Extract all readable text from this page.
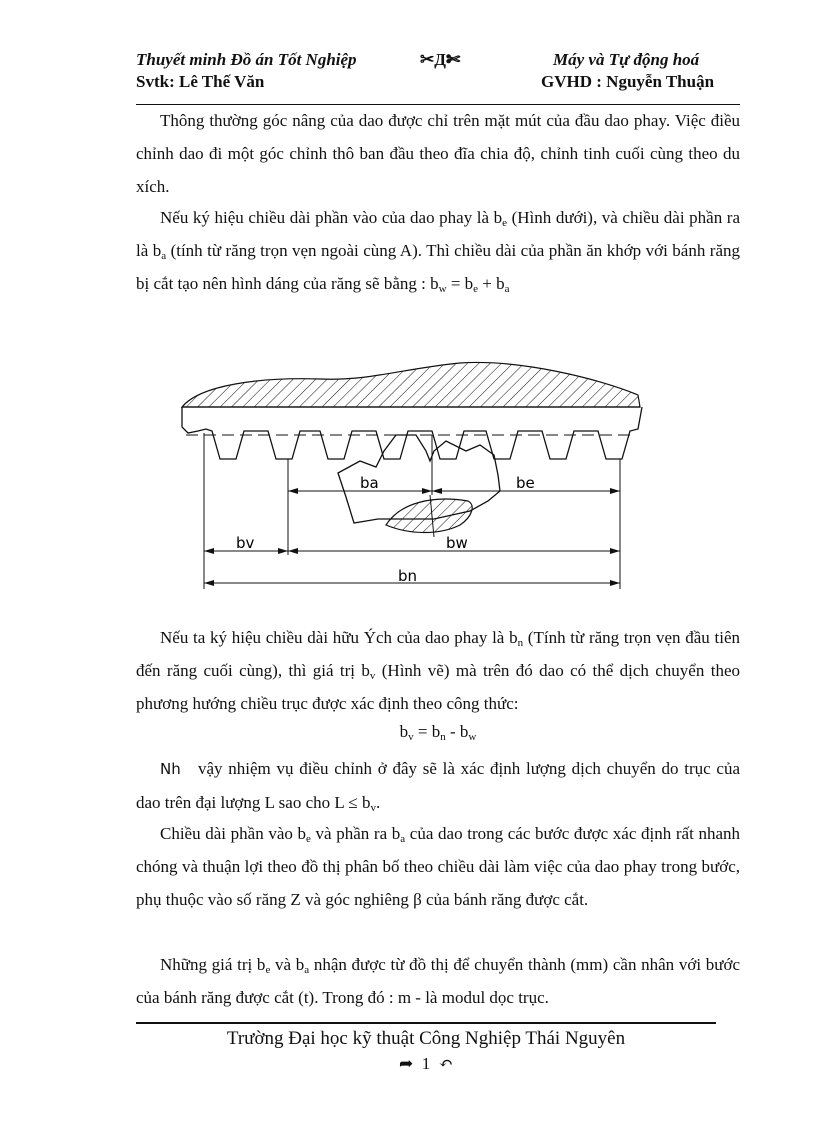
Thuyết minh Đồ án Tốt Nghiệp	✂Д✄	Máy và Tự động hoá
Svtk: Lê Thế Văn	GVHD : Nguyễn Thuận
Thông thường góc nâng của dao được chỉ trên mặt mút của đầu dao phay. Việc điều chỉnh dao đi một góc chỉnh thô ban đầu theo đĩa chia độ, chỉnh tinh cuối cùng theo du xích.
Nếu ký hiệu chiều dài phần vào của dao phay là $b_e$ (Hình dưới), và chiều dài phần ra là $b_a$ (tính từ răng trọn vẹn ngoài cùng A). Thì chiều dài của phần ăn khớp với bánh răng bị cắt tạo nên hình dáng của răng sẽ bằng : $b_w = b_e + b_a$
ba	be
bv	bw
bn
Nếu ta ký hiệu chiều dài hữu Ých của dao phay là $b_n$ (Tính từ răng trọn vẹn đầu tiên đến răng cuối cùng), thì giá trị $b_v$ (Hình vẽ) mà trên đó dao có thể dịch chuyển theo phương hướng chiều trục được xác định theo công thức:
$b_v = b_n - b_w$
Nh vậy nhiệm vụ điều chỉnh ở đây sẽ là xác định lượng dịch chuyển do trục của dao trên đại lượng L sao cho $L \le b_v$.
Chiều dài phần vào $b_e$ và phần ra $b_a$ của dao trong các bước được xác định rất nhanh chóng và thuận lợi theo đồ thị phân bố theo chiều dài làm việc của dao phay trong bước, phụ thuộc vào số răng Z và góc nghiêng β của bánh răng được cắt.
Những giá trị $b_e$ và $b_a$ nhận được từ đồ thị để chuyển thành (mm) cần nhân với bước của bánh răng được cắt (t). Trong đó : m - là modul dọc trục.
Trường Đại học kỹ thuật Công Nghiệp Thái Nguyên
➦ 1 ↶
